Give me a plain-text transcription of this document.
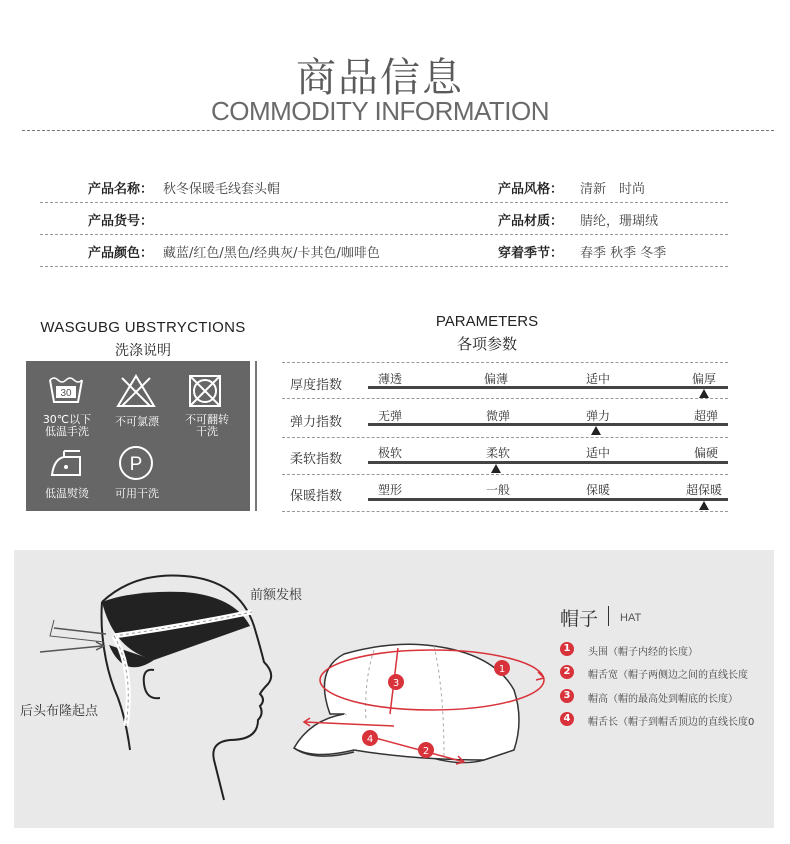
商品信息
COMMODITY INFORMATION
产品名称： 秋冬保暖毛线套头帽	产品风格： 清新　时尚
产品货号：	产品材质： 腈纶，珊瑚绒
产品颜色： 藏蓝/红色/黑色/经典灰/卡其色/咖啡色	穿着季节： 春季 秋季 冬季
WASGUBG UBSTRYCTIONS
洗涤说明
30
30℃以下
低温手洗
不可氯漂	不可翻转
干洗
低温熨烫
P
可用干洗
PARAMETERS
各项参数
厚度指数	薄透	偏薄	适中	偏厚
弹力指数	无弹	微弹	弹力	超弹
柔软指数	极软	柔软	适中	偏硬
保暖指数	塑形	一般	保暖	超保暖
1
2
3
4
前额发根
后头布隆起点
帽子 HAT
1	头围（帽子内经的长度）
2	帽舌宽（帽子两侧边之间的直线长度
3	帽高（帽的最高处到帽底的长度）
4	帽舌长（帽子到帽舌顶边的直线长度0
